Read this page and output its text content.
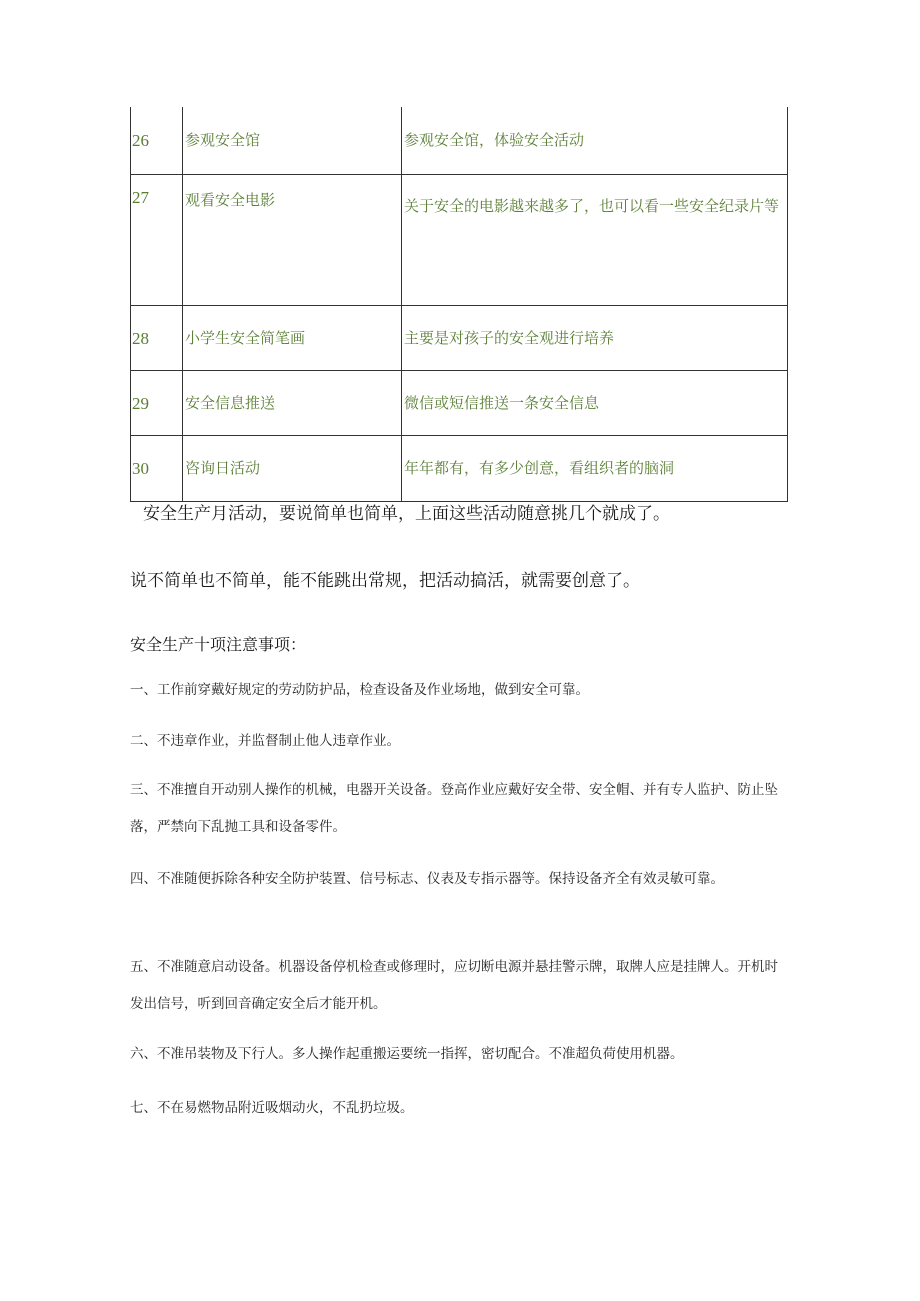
26	参观安全馆	参观安全馆，体验安全活动
27	观看安全电影	关于安全的电影越来越多了，也可以看一些安全纪录片等
28	小学生安全简笔画	主要是对孩子的安全观进行培养
29	安全信息推送	微信或短信推送一条安全信息
30	咨询日活动	年年都有，有多少创意，看组织者的脑洞
安全生产月活动，要说简单也简单，上面这些活动随意挑几个就成了。
说不简单也不简单，能不能跳出常规，把活动搞活，就需要创意了。
安全生产十项注意事项：
一、工作前穿戴好规定的劳动防护品，检查设备及作业场地，做到安全可靠。
二、不违章作业，并监督制止他人违章作业。
三、不准擅自开动别人操作的机械，电器开关设备。登高作业应戴好安全带、安全帽、并有专人监护、防止坠落，严禁向下乱抛工具和设备零件。
四、不准随便拆除各种安全防护装置、信号标志、仪表及专指示器等。保持设备齐全有效灵敏可靠。
五、不准随意启动设备。机器设备停机检查或修理时，应切断电源并悬挂警示牌，取牌人应是挂牌人。开机时发出信号，听到回音确定安全后才能开机。
六、不准吊装物及下行人。多人操作起重搬运要统一指挥，密切配合。不准超负荷使用机器。
七、不在易燃物品附近吸烟动火，不乱扔垃圾。
